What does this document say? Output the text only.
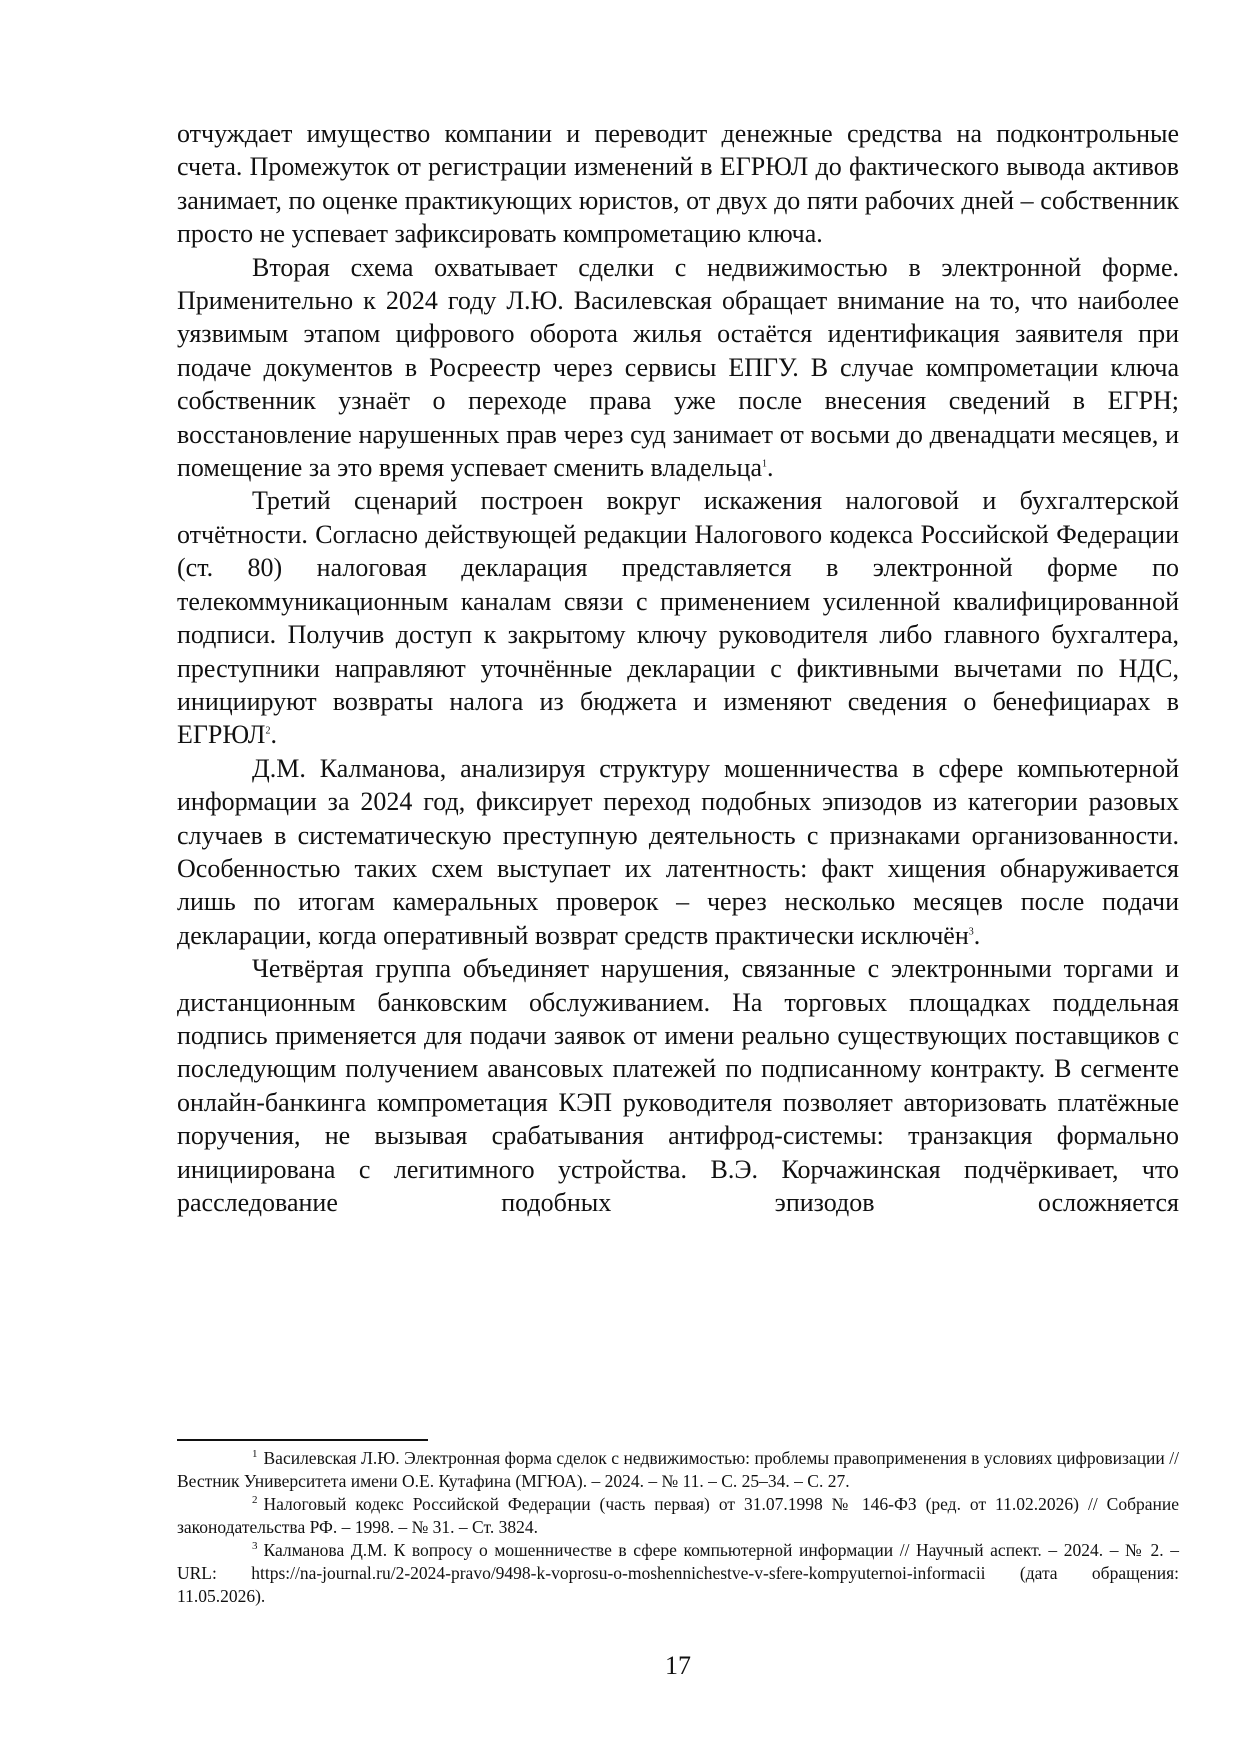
отчуждает имущество компании и переводит денежные средства на подконтрольные счета. Промежуток от регистрации изменений в ЕГРЮЛ до фактического вывода активов занимает, по оценке практикующих юристов, от двух до пяти рабочих дней – собственник просто не успевает зафиксировать компрометацию ключа.

Вторая схема охватывает сделки с недвижимостью в электронной форме. Применительно к 2024 году Л.Ю. Василевская обращает внимание на то, что наиболее уязвимым этапом цифрового оборота жилья остаётся идентификация заявителя при подаче документов в Росреестр через сервисы ЕПГУ. В случае компрометации ключа собственник узнаёт о переходе права уже после внесения сведений в ЕГРН; восстановление нарушенных прав через суд занимает от восьми до двенадцати месяцев, и помещение за это время успевает сменить владельца$^1$.

Третий сценарий построен вокруг искажения налоговой и бухгалтерской отчётности. Согласно действующей редакции Налогового кодекса Российской Федерации (ст. 80) налоговая декларация представляется в электронной форме по телекоммуникационным каналам связи с применением усиленной квалифицированной подписи. Получив доступ к закрытому ключу руководителя либо главного бухгалтера, преступники направляют уточнённые декларации с фиктивными вычетами по НДС, инициируют возвраты налога из бюджета и изменяют сведения о бенефициарах в ЕГРЮЛ$^2$.

Д.М. Калманова, анализируя структуру мошенничества в сфере компьютерной информации за 2024 год, фиксирует переход подобных эпизодов из категории разовых случаев в систематическую преступную деятельность с признаками организованности. Особенностью таких схем выступает их латентность: факт хищения обнаруживается лишь по итогам камеральных проверок – через несколько месяцев после подачи декларации, когда оперативный возврат средств практически исключён$^3$.

Четвёртая группа объединяет нарушения, связанные с электронными торгами и дистанционным банковским обслуживанием. На торговых площадках поддельная подпись применяется для подачи заявок от имени реально существующих поставщиков с последующим получением авансовых платежей по подписанному контракту. В сегменте онлайн-банкинга компрометация КЭП руководителя позволяет авторизовать платёжные поручения, не вызывая срабатывания антифрод-системы: транзакция формально инициирована с легитимного устройства. В.Э. Корчажинская подчёркивает, что расследование подобных эпизодов осложняется

$^1$ Василевская Л.Ю. Электронная форма сделок с недвижимостью: проблемы правоприменения в условиях цифровизации // Вестник Университета имени О.Е. Кутафина (МГЮА). – 2024. – № 11. – С. 25–34. – С. 27.

$^2$ Налоговый кодекс Российской Федерации (часть первая) от 31.07.1998 № 146-ФЗ (ред. от 11.02.2026) // Собрание законодательства РФ. – 1998. – № 31. – Ст. 3824.

$^3$ Калманова Д.М. К вопросу о мошенничестве в сфере компьютерной информации // Научный аспект. – 2024. – № 2. – URL: https://na-journal.ru/2-2024-pravo/9498-k-voprosu-o-moshennichestve-v-sfere-kompyuternoi-informacii (дата обращения: 11.05.2026).

17
